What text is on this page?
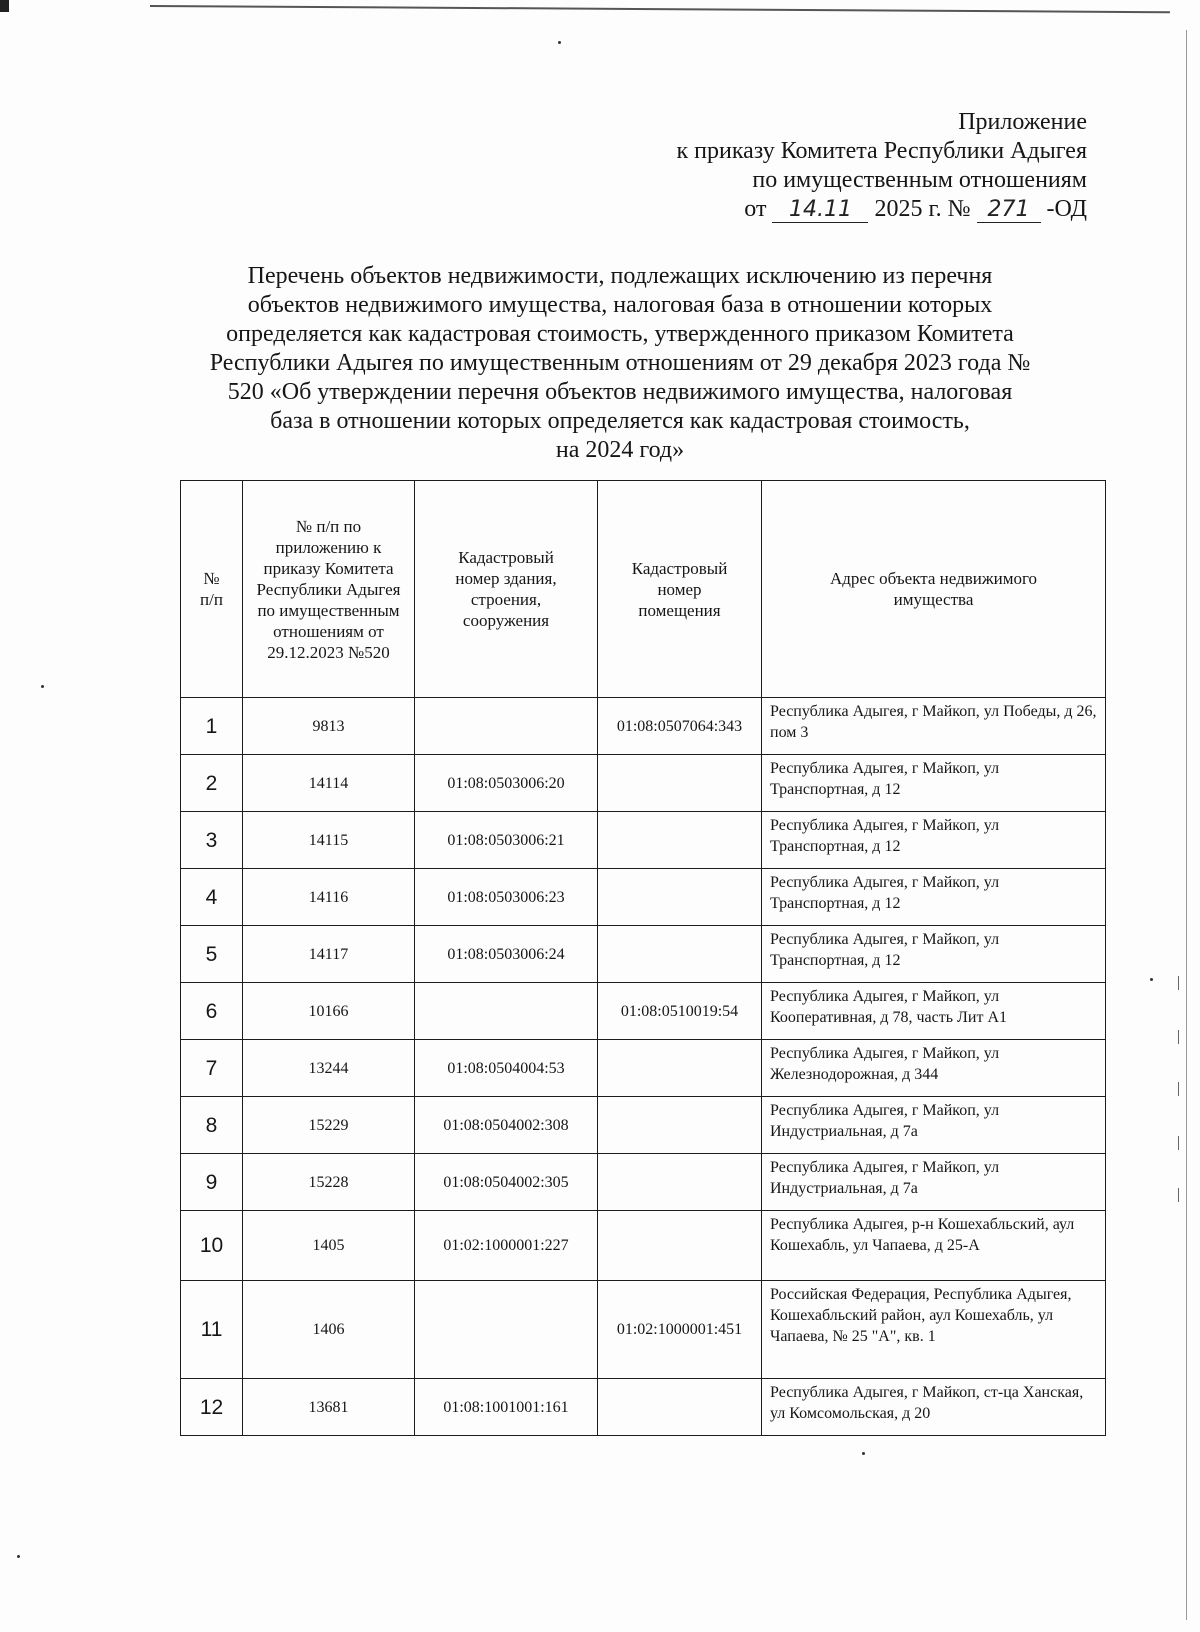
Приложение
к приказу Комитета Республики Адыгея
по имущественным отношениям
от 14.11 2025 г. № 271 -ОД
Перечень объектов недвижимости, подлежащих исключению из перечня
объектов недвижимого имущества, налоговая база в отношении которых
определяется как кадастровая стоимость, утвержденного приказом Комитета
Республики Адыгея по имущественным отношениям от 29 декабря 2023 года №
520 «Об утверждении перечня объектов недвижимого имущества, налоговая
база в отношении которых определяется как кадастровая стоимость,
на 2024 год»
№ п/п	№ п/п по приложению к приказу Комитета Республики Адыгея по имущественным отношениям от 29.12.2023 №520	Кадастровый номер здания, строения, сооружения	Кадастровый номер помещения	Адрес объекта недвижимого имущества
1	9813		01:08:0507064:343	Республика Адыгея, г Майкоп, ул Победы, д 26, пом 3
2	14114	01:08:0503006:20		Республика Адыгея, г Майкоп, ул Транспортная, д 12
3	14115	01:08:0503006:21		Республика Адыгея, г Майкоп, ул Транспортная, д 12
4	14116	01:08:0503006:23		Республика Адыгея, г Майкоп, ул Транспортная, д 12
5	14117	01:08:0503006:24		Республика Адыгея, г Майкоп, ул Транспортная, д 12
6	10166		01:08:0510019:54	Республика Адыгея, г Майкоп, ул Кооперативная, д 78, часть Лит А1
7	13244	01:08:0504004:53		Республика Адыгея, г Майкоп, ул Железнодорожная, д 344
8	15229	01:08:0504002:308		Республика Адыгея, г Майкоп, ул Индустриальная, д 7а
9	15228	01:08:0504002:305		Республика Адыгея, г Майкоп, ул Индустриальная, д 7а
10	1405	01:02:1000001:227		Республика Адыгея, р-н Кошехабльский, аул Кошехабль, ул Чапаева, д 25-А
11	1406		01:02:1000001:451	Российская Федерация, Республика Адыгея, Кошехабльский район, аул Кошехабль, ул Чапаева, № 25 "А", кв. 1
12	13681	01:08:1001001:161		Республика Адыгея, г Майкоп, ст-ца Ханская, ул Комсомольская, д 20
